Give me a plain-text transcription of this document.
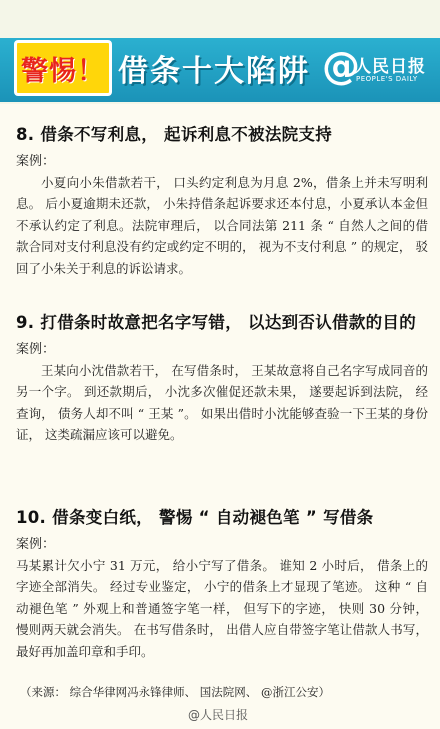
警惕！ 借条十大陷阱 @
人民日报
PEOPLE'S DAILY
8. 借条不写利息， 起诉利息不被法院支持
案例：

小夏向小朱借款若干， 口头约定利息为月息 2%，借条上并未写明利息。 后小夏逾期未还款， 小朱持借条起诉要求还本付息，小夏承认本金但不承认约定了利息。法院审理后， 以合同法第 211 条 “ 自然人之间的借款合同对支付利息没有约定或约定不明的， 视为不支付利息 ” 的规定， 驳回了小朱关于利息的诉讼请求。

9. 打借条时故意把名字写错， 以达到否认借款的目的
案例：

王某向小沈借款若干， 在写借条时， 王某故意将自己名字写成同音的另一个字。 到还款期后， 小沈多次催促还款未果， 遂要起诉到法院， 经查询， 债务人却不叫 “ 王某 ”。 如果出借时小沈能够查验一下王某的身份证， 这类疏漏应该可以避免。

10. 借条变白纸， 警惕 “ 自动褪色笔 ” 写借条
案例：

马某累计欠小宁 31 万元， 给小宁写了借条。 谁知 2 小时后， 借条上的字迹全部消失。 经过专业鉴定， 小宁的借条上才显现了笔迹。 这种 “ 自动褪色笔 ” 外观上和普通签字笔一样， 但写下的字迹， 快则 30 分钟， 慢则两天就会消失。 在书写借条时， 出借人应自带签字笔让借款人书写， 最好再加盖印章和手印。

（来源： 综合华律网冯永锋律师、 国法院网、 @浙江公安）
@人民日报
